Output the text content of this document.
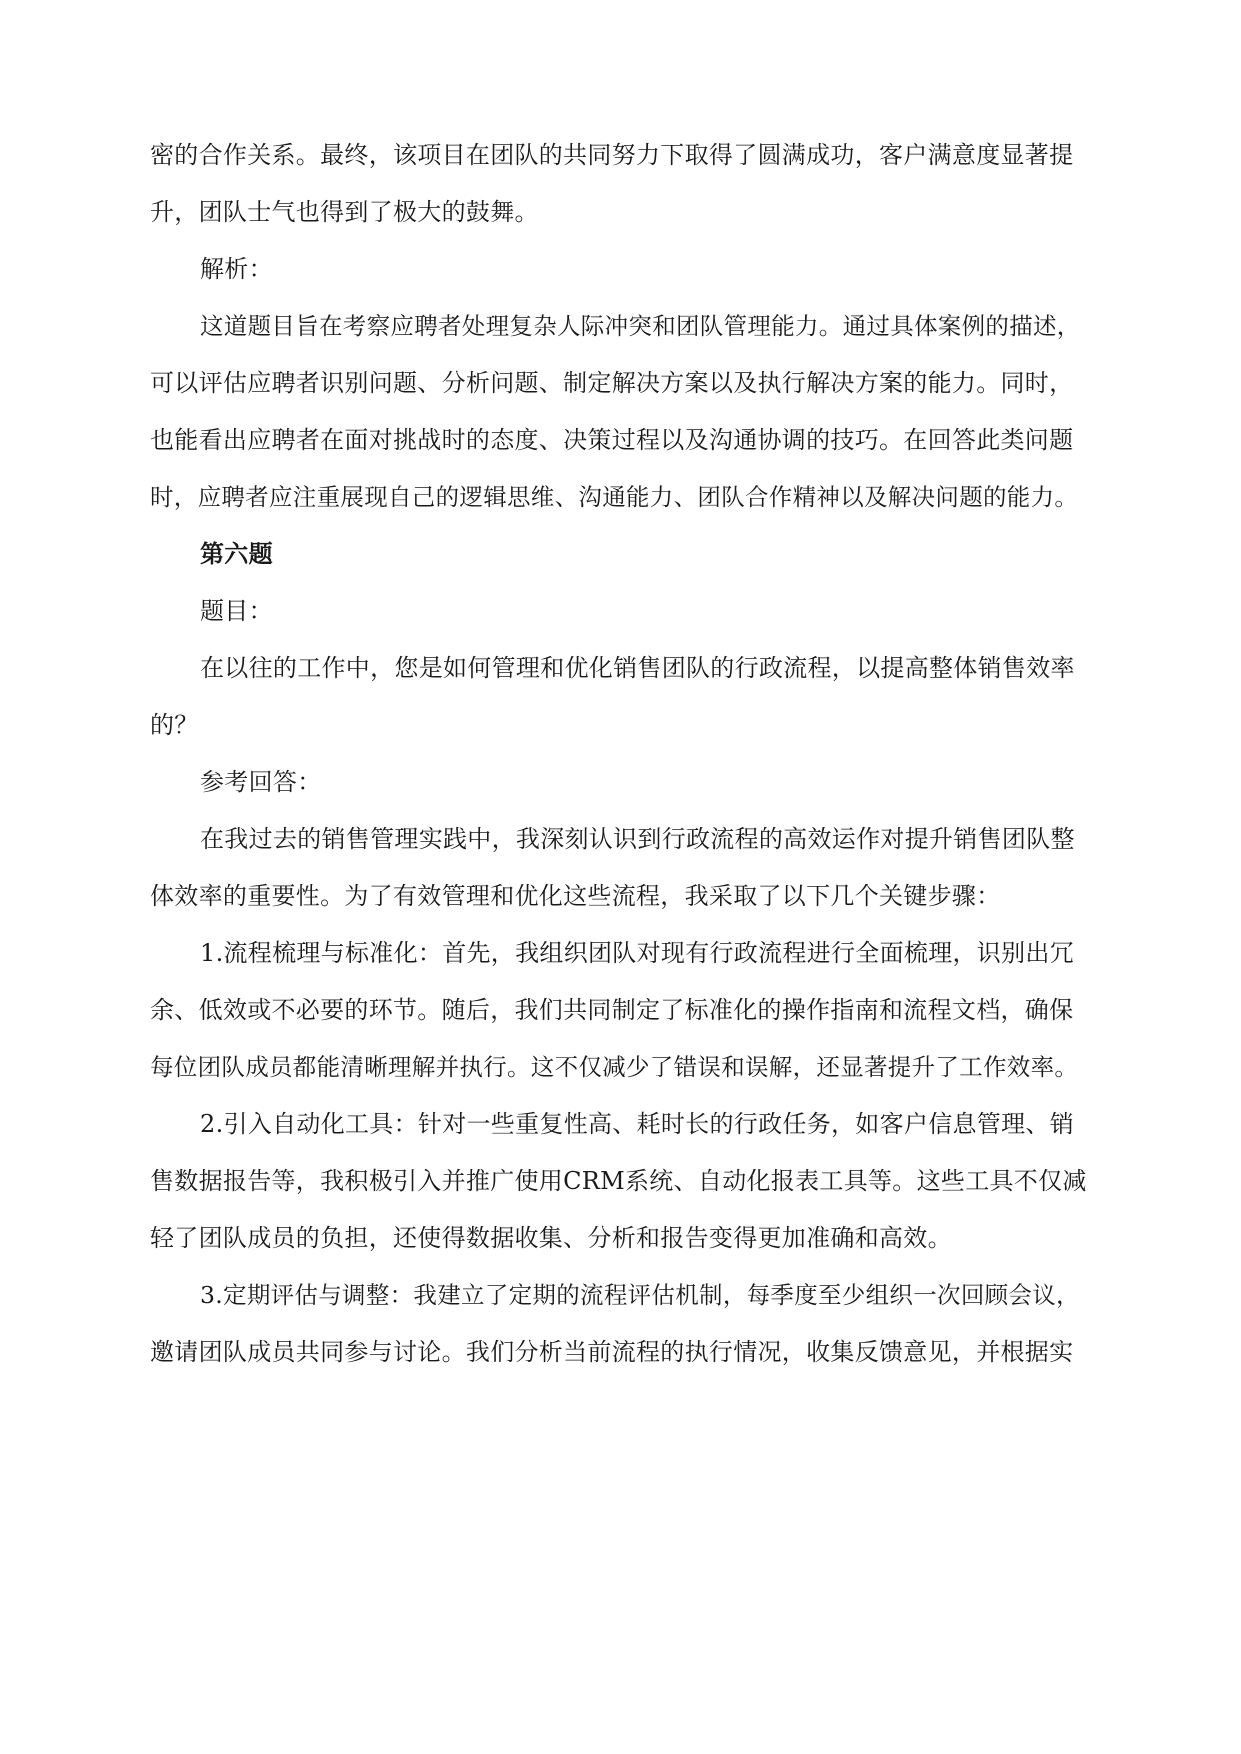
密的合作关系。最终，该项目在团队的共同努力下取得了圆满成功，客户满意度显著提
升，团队士气也得到了极大的鼓舞。
解析：
这道题目旨在考察应聘者处理复杂人际冲突和团队管理能力。通过具体案例的描述，
可以评估应聘者识别问题、分析问题、制定解决方案以及执行解决方案的能力。同时，
也能看出应聘者在面对挑战时的态度、决策过程以及沟通协调的技巧。在回答此类问题
时，应聘者应注重展现自己的逻辑思维、沟通能力、团队合作精神以及解决问题的能力。
第六题
题目：
在以往的工作中，您是如何管理和优化销售团队的行政流程，以提高整体销售效率
的？
参考回答：
在我过去的销售管理实践中，我深刻认识到行政流程的高效运作对提升销售团队整
体效率的重要性。为了有效管理和优化这些流程，我采取了以下几个关键步骤：
1.流程梳理与标准化：首先，我组织团队对现有行政流程进行全面梳理，识别出冗
余、低效或不必要的环节。随后，我们共同制定了标准化的操作指南和流程文档，确保
每位团队成员都能清晰理解并执行。这不仅减少了错误和误解，还显著提升了工作效率。
2.引入自动化工具：针对一些重复性高、耗时长的行政任务，如客户信息管理、销
售数据报告等，我积极引入并推广使用CRM系统、自动化报表工具等。这些工具不仅减
轻了团队成员的负担，还使得数据收集、分析和报告变得更加准确和高效。
3.定期评估与调整：我建立了定期的流程评估机制，每季度至少组织一次回顾会议，
邀请团队成员共同参与讨论。我们分析当前流程的执行情况，收集反馈意见，并根据实
